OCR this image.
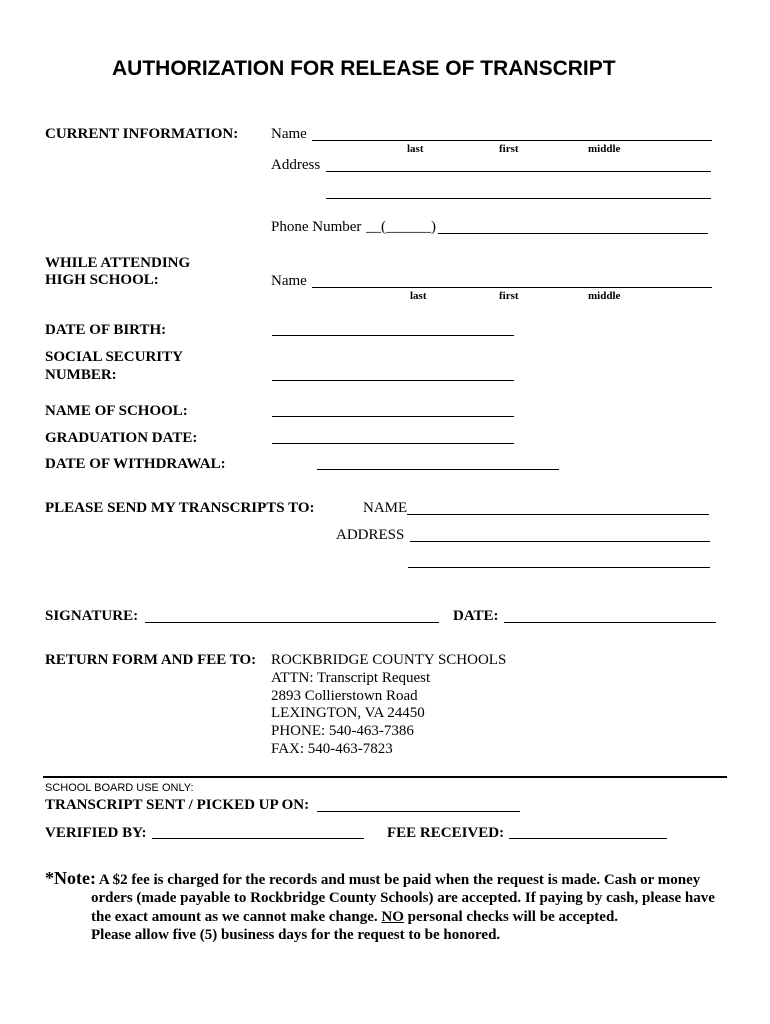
AUTHORIZATION FOR RELEASE OF TRANSCRIPT
CURRENT INFORMATION: Name
last	first	middle
Address
Phone Number __(______)
WHILE ATTENDING
HIGH SCHOOL:	Name
last	first	middle
DATE OF BIRTH:
SOCIAL SECURITY
NUMBER:
NAME OF SCHOOL:
GRADUATION DATE:
DATE OF WITHDRAWAL:
PLEASE SEND MY TRANSCRIPTS TO:	NAME
ADDRESS
SIGNATURE:	DATE:
RETURN FORM AND FEE TO: ROCKBRIDGE COUNTY SCHOOLS
ATTN: Transcript Request
2893 Collierstown Road
LEXINGTON, VA 24450
PHONE: 540-463-7386
FAX: 540-463-7823
SCHOOL BOARD USE ONLY:
TRANSCRIPT SENT / PICKED UP ON:
VERIFIED BY:	FEE RECEIVED:
*Note: A $2 fee is charged for the records and must be paid when the request is made. Cash or money
orders (made payable to Rockbridge County Schools) are accepted. If paying by cash, please have
the exact amount as we cannot make change. NO personal checks will be accepted.
Please allow five (5) business days for the request to be honored.
